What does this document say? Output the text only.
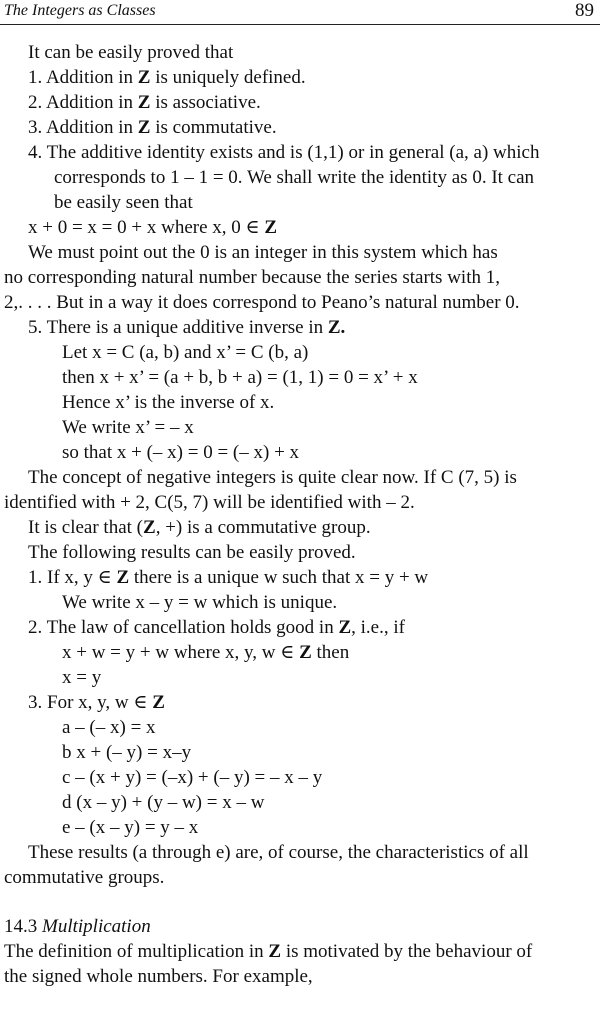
The Integers as Classes	89
It can be easily proved that
1. Addition in Z is uniquely defined.
2. Addition in Z is associative.
3. Addition in Z is commutative.
4. The additive identity exists and is (1,1) or in general (a, a) which
corresponds to 1 – 1 = 0. We shall write the identity as 0. It can
be easily seen that
x + 0 = x = 0 + x where x, 0 ∈ Z
We must point out the 0 is an integer in this system which has
no corresponding natural number because the series starts with 1,
2,. . . . But in a way it does correspond to Peano’s natural number 0.
5. There is a unique additive inverse in Z.
Let x = C (a, b) and x’ = C (b, a)
then x + x’ = (a + b, b + a) = (1, 1) = 0 = x’ + x
Hence x’ is the inverse of x.
We write x’ = – x
so that x + (– x) = 0 = (– x) + x
The concept of negative integers is quite clear now. If C (7, 5) is
identified with + 2, C(5, 7) will be identified with – 2.
It is clear that (Z, +) is a commutative group.
The following results can be easily proved.
1. If x, y ∈ Z there is a unique w such that x = y + w
We write x – y = w which is unique.
2. The law of cancellation holds good in Z, i.e., if
x + w = y + w where x, y, w ∈ Z then
x = y
3. For x, y, w ∈ Z
a – (– x) = x
b x + (– y) = x–y
c – (x + y) = (–x) + (– y) = – x – y
d (x – y) + (y – w) = x – w
e – (x – y) = y – x
These results (a through e) are, of course, the characteristics of all
commutative groups.
14.3 Multiplication
The definition of multiplication in Z is motivated by the behaviour of
the signed whole numbers. For example,
